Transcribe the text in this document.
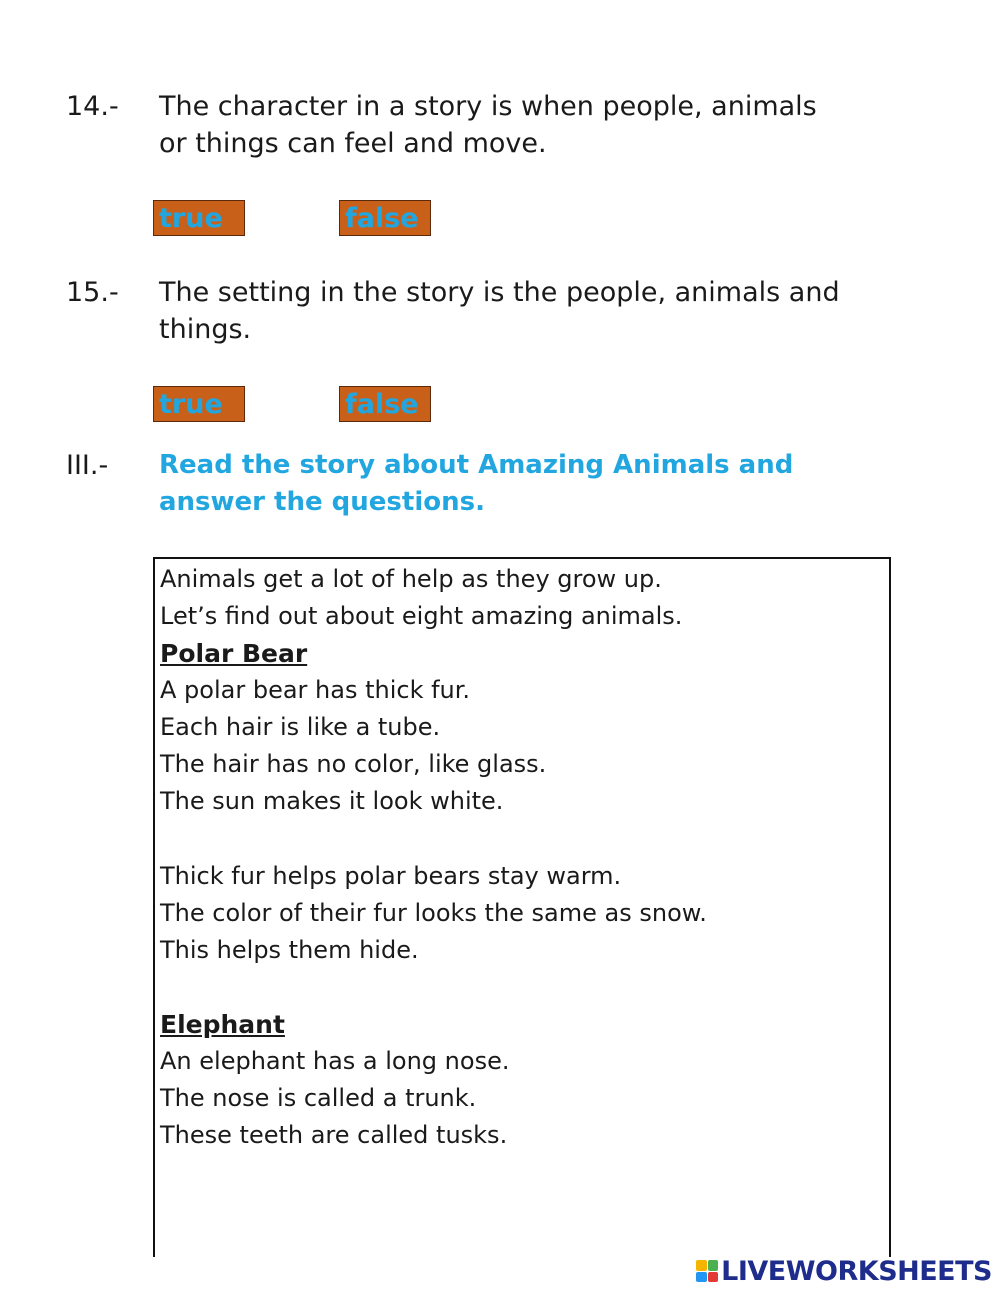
14.- The character in a story is when people, animals
or things can feel and move.
true	false
15.- The setting in the story is the people, animals and
things.
true	false
III.- Read the story about Amazing Animals and
answer the questions.
Animals get a lot of help as they grow up.
Let’s find out about eight amazing animals.
Polar Bear
A polar bear has thick fur.
Each hair is like a tube.
The hair has no color, like glass.
The sun makes it look white.
Thick fur helps polar bears stay warm.
The color of their fur looks the same as snow.
This helps them hide.
Elephant
An elephant has a long nose.
The nose is called a trunk.
These teeth are called tusks.
LIVEWORKSHEETS
